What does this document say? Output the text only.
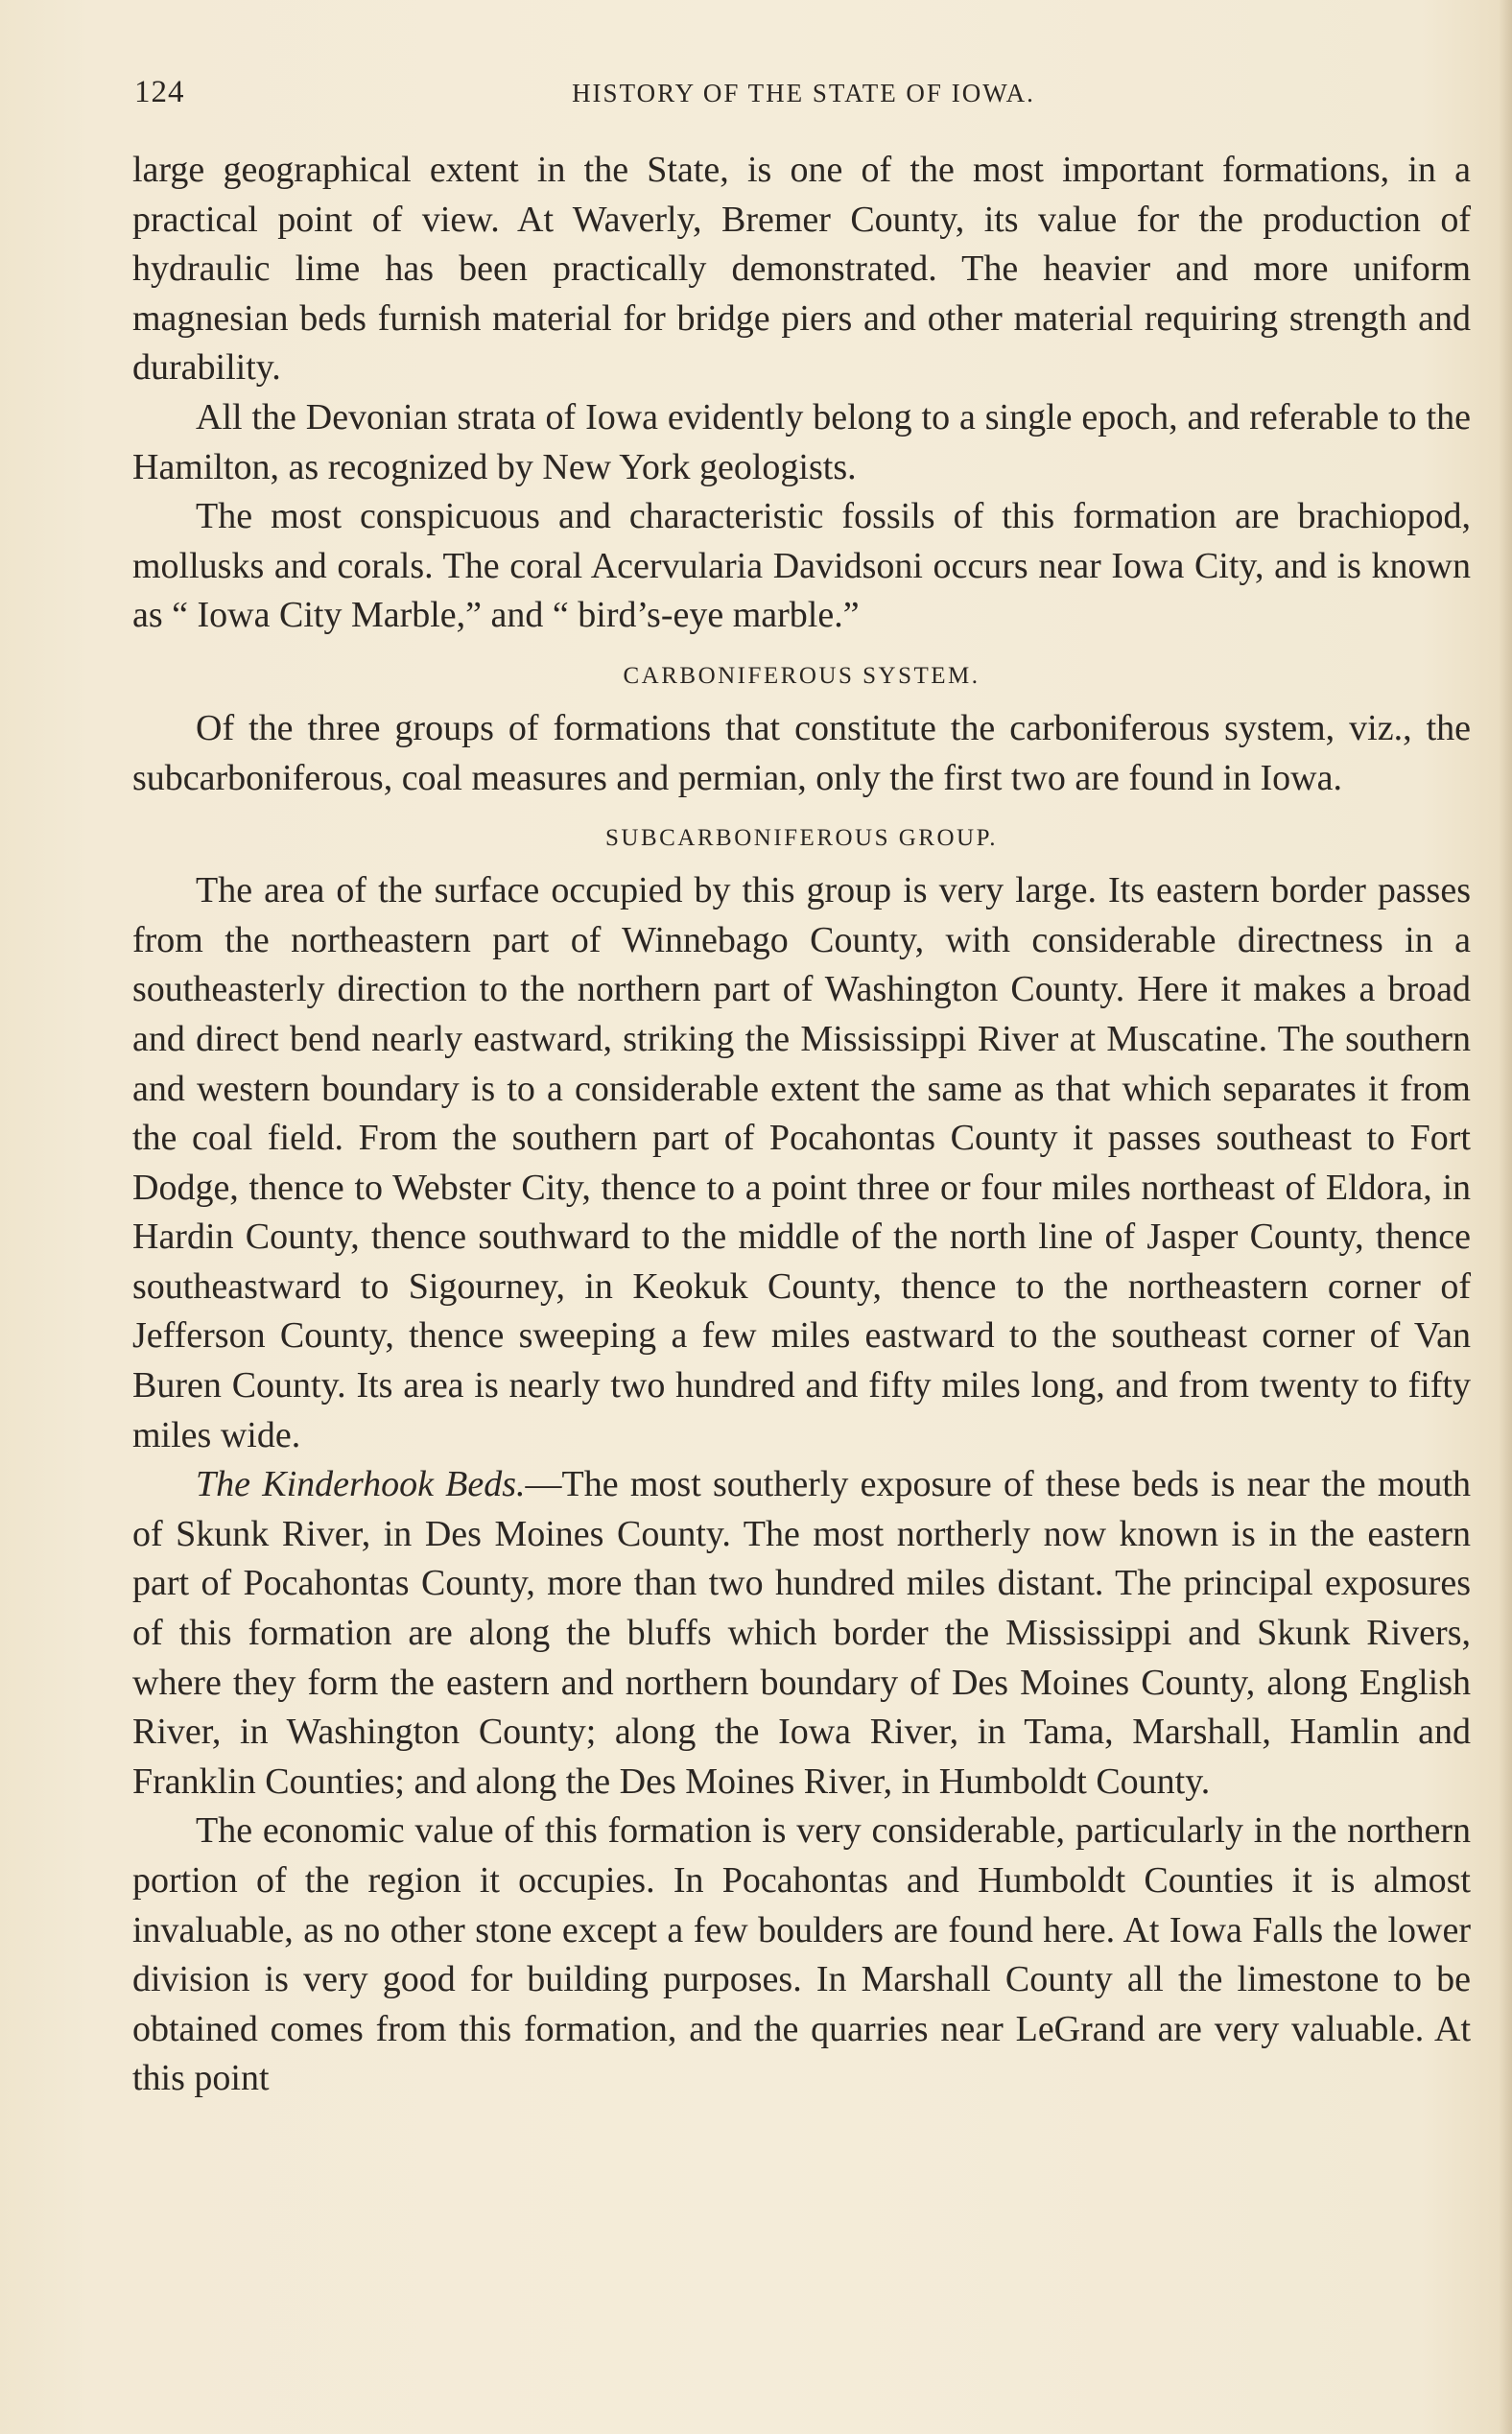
124	HISTORY OF THE STATE OF IOWA.

large geographical extent in the State, is one of the most important formations, in a practical point of view. At Waverly, Bremer County, its value for the production of hydraulic lime has been practically demonstrated. The heavier and more uniform magnesian beds furnish material for bridge piers and other material requiring strength and durability.

All the Devonian strata of Iowa evidently belong to a single epoch, and referable to the Hamilton, as recognized by New York geologists.

The most conspicuous and characteristic fossils of this formation are brachiopod, mollusks and corals. The coral Acervularia Davidsoni occurs near Iowa City, and is known as “ Iowa City Marble,” and “ bird’s-eye marble.”

CARBONIFEROUS SYSTEM.

Of the three groups of formations that constitute the carboniferous system, viz., the subcarboniferous, coal measures and permian, only the first two are found in Iowa.

SUBCARBONIFEROUS GROUP.

The area of the surface occupied by this group is very large. Its eastern border passes from the northeastern part of Winnebago County, with considerable directness in a southeasterly direction to the northern part of Washington County. Here it makes a broad and direct bend nearly eastward, striking the Mississippi River at Muscatine. The southern and western boundary is to a considerable extent the same as that which separates it from the coal field. From the southern part of Pocahontas County it passes southeast to Fort Dodge, thence to Webster City, thence to a point three or four miles northeast of Eldora, in Hardin County, thence southward to the middle of the north line of Jasper County, thence southeastward to Sigourney, in Keokuk County, thence to the northeastern corner of Jefferson County, thence sweeping a few miles eastward to the southeast corner of Van Buren County. Its area is nearly two hundred and fifty miles long, and from twenty to fifty miles wide.

The Kinderhook Beds.—The most southerly exposure of these beds is near the mouth of Skunk River, in Des Moines County. The most northerly now known is in the eastern part of Pocahontas County, more than two hundred miles distant. The principal exposures of this formation are along the bluffs which border the Mississippi and Skunk Rivers, where they form the eastern and northern boundary of Des Moines County, along English River, in Washington County; along the Iowa River, in Tama, Marshall, Hamlin and Franklin Counties; and along the Des Moines River, in Humboldt County.

The economic value of this formation is very considerable, particularly in the northern portion of the region it occupies. In Pocahontas and Humboldt Counties it is almost invaluable, as no other stone except a few boulders are found here. At Iowa Falls the lower division is very good for building purposes. In Marshall County all the limestone to be obtained comes from this formation, and the quarries near LeGrand are very valuable. At this point
